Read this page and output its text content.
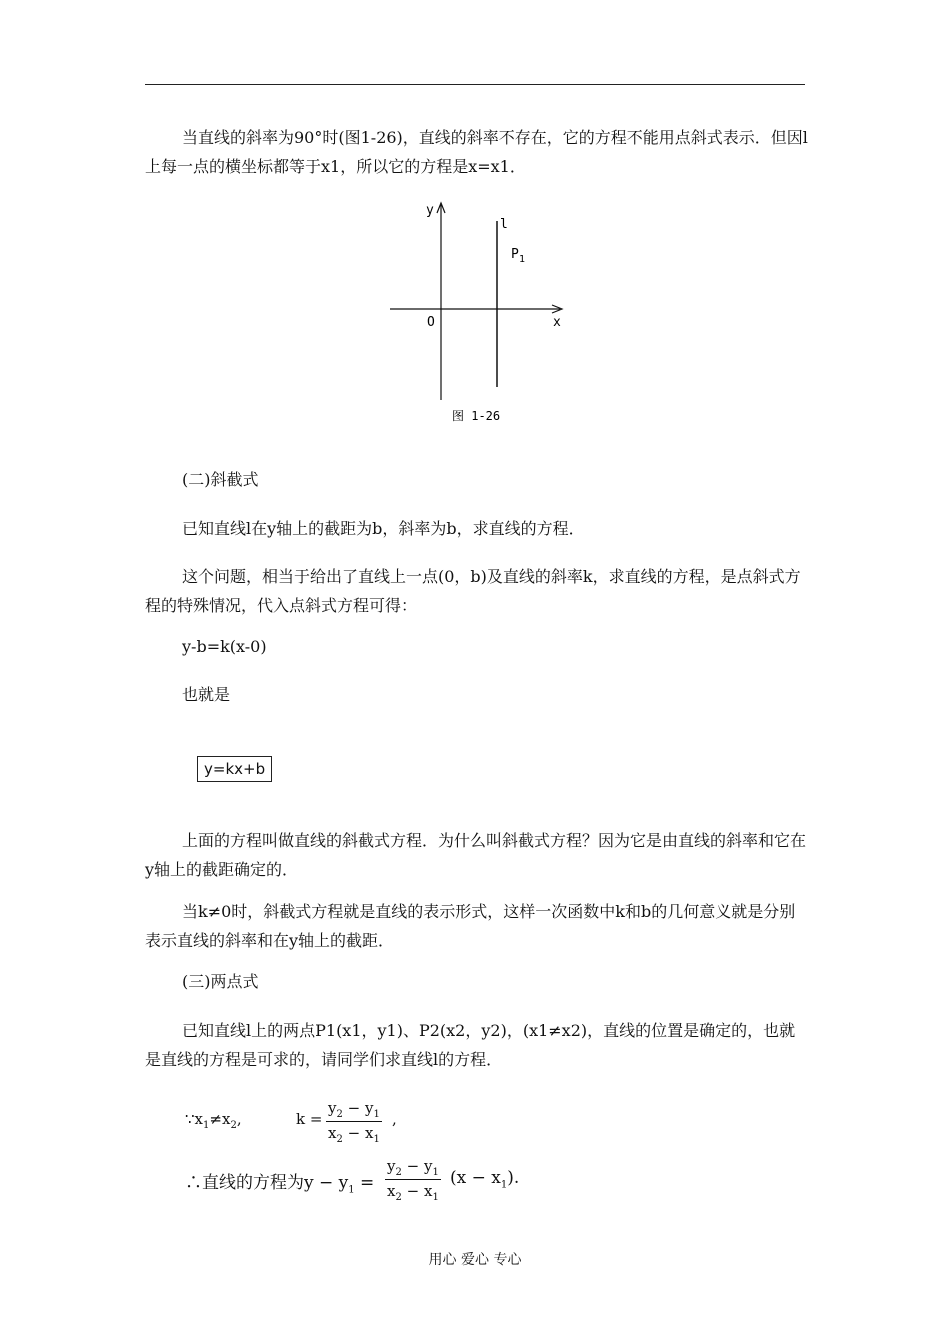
当直线的斜率为90°时(图1-26)，直线的斜率不存在，它的方程不能用点斜式表示．但因l上每一点的横坐标都等于x1，所以它的方程是x=x1．

y
x
O
l
P 1
图 1-26

(二)斜截式

已知直线l在y轴上的截距为b，斜率为b，求直线的方程．

这个问题，相当于给出了直线上一点(0，b)及直线的斜率k，求直线的方程，是点斜式方程的特殊情况，代入点斜式方程可得：

y-b=k(x-0)

也就是

y=kx+b

上面的方程叫做直线的斜截式方程．为什么叫斜截式方程？因为它是由直线的斜率和它在y轴上的截距确定的．

当k≠0时，斜截式方程就是直线的表示形式，这样一次函数中k和b的几何意义就是分别表示直线的斜率和在y轴上的截距．

(三)两点式

已知直线l上的两点P1(x1，y1)、P2(x2，y2)，(x1≠x2)，直线的位置是确定的，也就是直线的方程是可求的，请同学们求直线l的方程．

$\because x_1\ne x_2$,	$k = \frac{y_2 - y_1}{x_2 - x_1}$ ,
∴直线的方程为$y - y_1 = \frac{y_2 - y_1}{x_2 - x_1} (x - x_1)$.
用心 爱心 专心
